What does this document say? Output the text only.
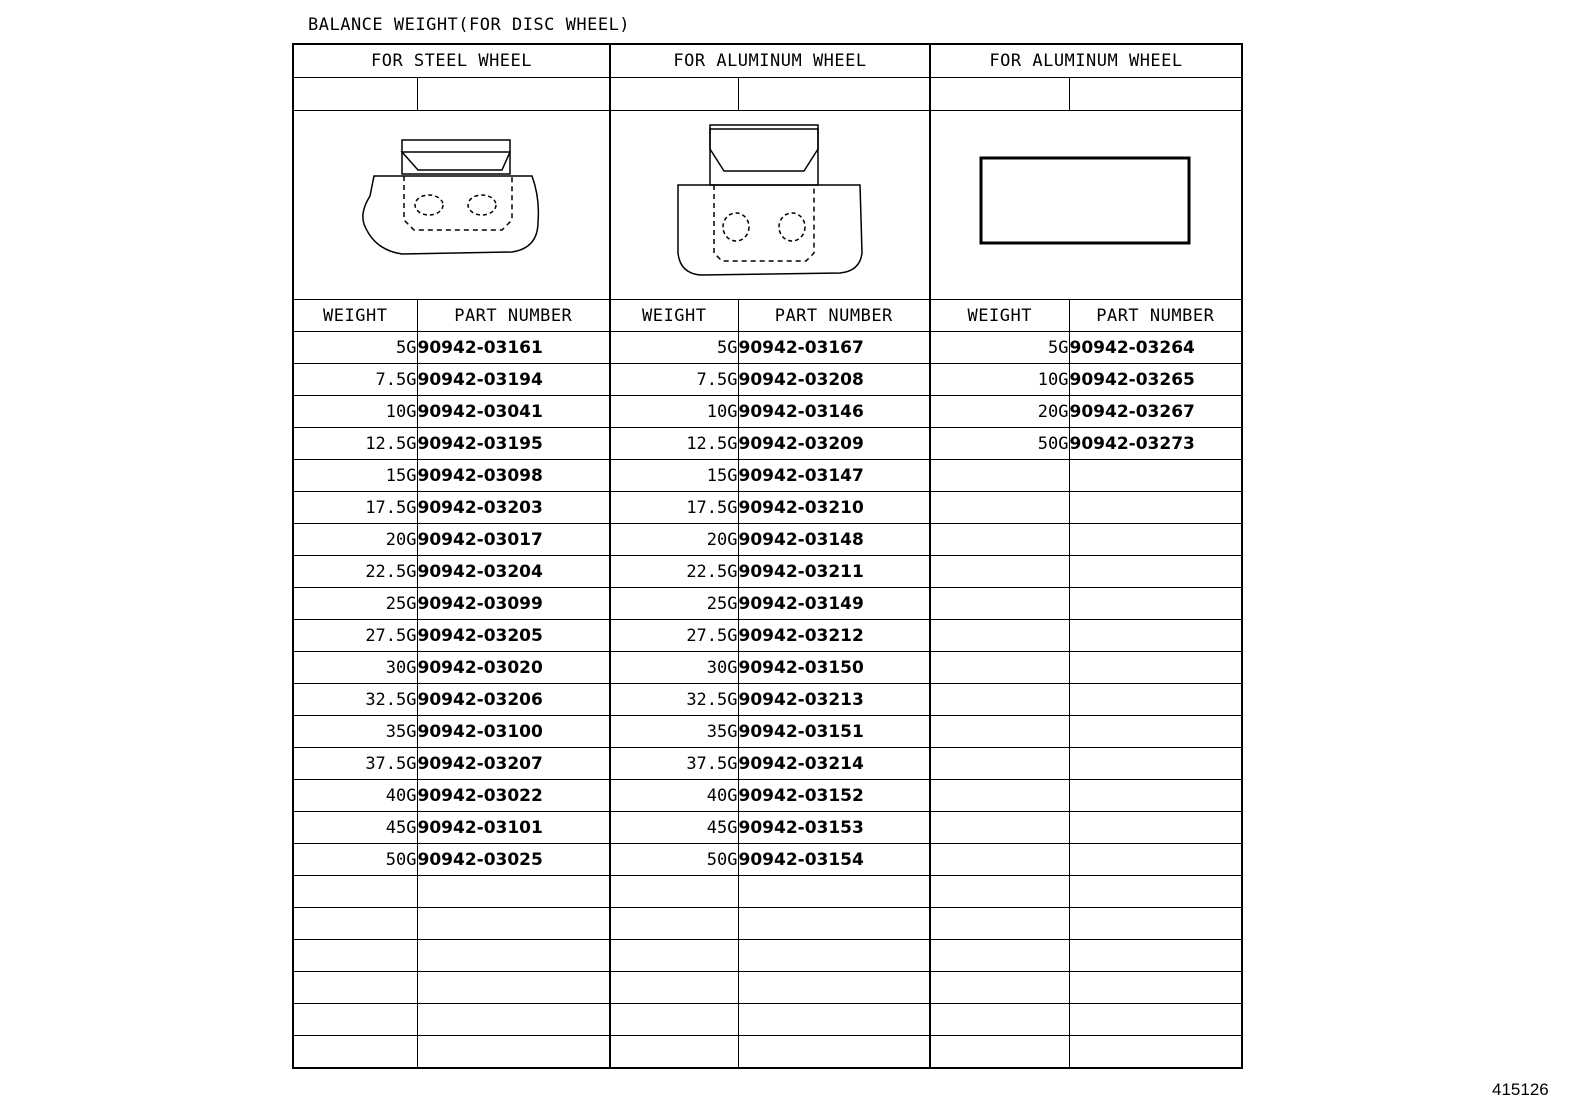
BALANCE WEIGHT(FOR DISC WHEEL)
FOR STEEL WHEEL		FOR ALUMINUM WHEEL		FOR ALUMINUM WHEEL	

WEIGHT	PART NUMBER	WEIGHT	PART NUMBER	WEIGHT	PART NUMBER
5G	90942-03161	5G	90942-03167	5G	90942-03264
7.5G	90942-03194	7.5G	90942-03208	10G	90942-03265
10G	90942-03041	10G	90942-03146	20G	90942-03267
12.5G	90942-03195	12.5G	90942-03209	50G	90942-03273
15G	90942-03098	15G	90942-03147		
17.5G	90942-03203	17.5G	90942-03210		
20G	90942-03017	20G	90942-03148		
22.5G	90942-03204	22.5G	90942-03211		
25G	90942-03099	25G	90942-03149		
27.5G	90942-03205	27.5G	90942-03212		
30G	90942-03020	30G	90942-03150		
32.5G	90942-03206	32.5G	90942-03213		
35G	90942-03100	35G	90942-03151		
37.5G	90942-03207	37.5G	90942-03214		
40G	90942-03022	40G	90942-03152		
45G	90942-03101	45G	90942-03153		
50G	90942-03025	50G	90942-03154		

415126
